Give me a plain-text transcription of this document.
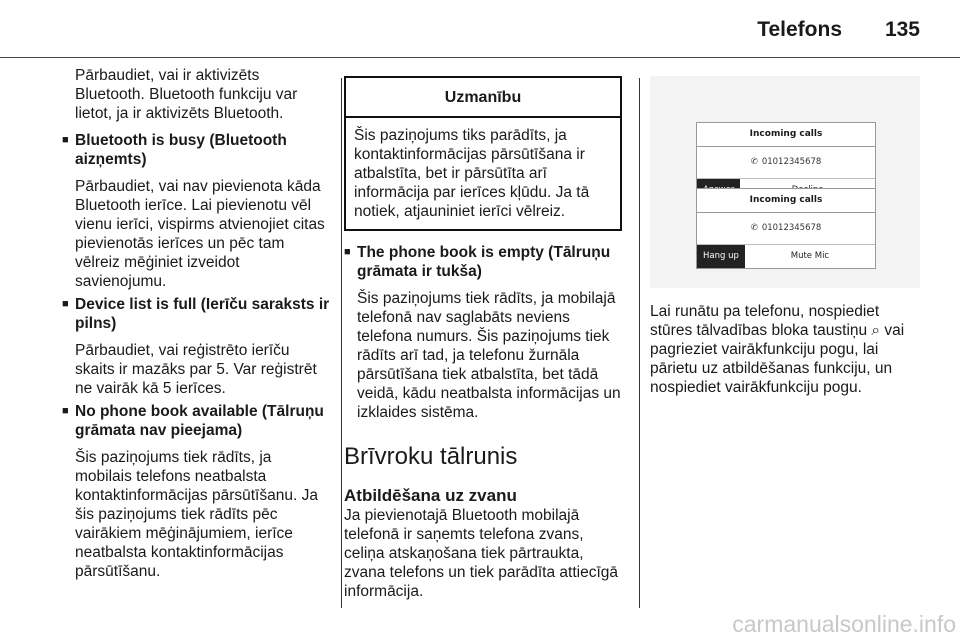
Telefons 135

Pārbaudiet, vai ir aktivizēts Bluetooth. Bluetooth funkciju var lietot, ja ir aktivizēts Bluetooth.

■ Bluetooth is busy (Bluetooth aizņemts)
Pārbaudiet, vai nav pievienota kāda Bluetooth ierīce. Lai pievienotu vēl vienu ierīci, vispirms atvienojiet citas pievienotās ierīces un pēc tam vēlreiz mēģiniet izveidot savienojumu.
■ Device list is full (Ierīču saraksts ir pilns)
Pārbaudiet, vai reģistrēto ierīču skaits ir mazāks par 5. Var reģistrēt ne vairāk kā 5 ierīces.
■ No phone book available (Tālruņu grāmata nav pieejama)
Šis paziņojums tiek rādīts, ja mobilais telefons neatbalsta kontaktinformācijas pārsūtīšanu. Ja šis paziņojums tiek rādīts pēc vairākiem mēģinājumiem, ierīce neatbalsta kontaktinformācijas pārsūtīšanu.
Uzmanību
Šis paziņojums tiks parādīts, ja kontaktinformācijas pārsūtīšana ir atbalstīta, bet ir pārsūtīta arī informācija par ierīces kļūdu. Ja tā notiek, atjauniniet ierīci vēlreiz.
■ The phone book is empty (Tālruņu grāmata ir tukša)
Šis paziņojums tiek rādīts, ja mobilajā telefonā nav saglabāts neviens telefona numurs. Šis paziņojums tiek rādīts arī tad, ja telefonu žurnāla pārsūtīšana tiek atbalstīta, bet tādā veidā, kādu neatbalsta informācijas un izklaides sistēma.
Brīvroku tālrunis
Atbildēšana uz zvanu

Ja pievienotajā Bluetooth mobilajā telefonā ir saņemts telefona zvans, celiņa atskaņošana tiek pārtraukta, zvana telefons un tiek parādīta attiecīgā informācija.

Incoming calls
✆ 01012345678
Incoming calls
✆ 01012345678
Hang up	Mute Mic

Lai runātu pa telefonu, nospiediet stūres tālvadības bloka taustiņu ⌕ vai pagrieziet vairākfunkciju pogu, lai pārietu uz atbildēšanas funkciju, un nospiediet vairākfunkciju pogu.

carmanualsonline.info
